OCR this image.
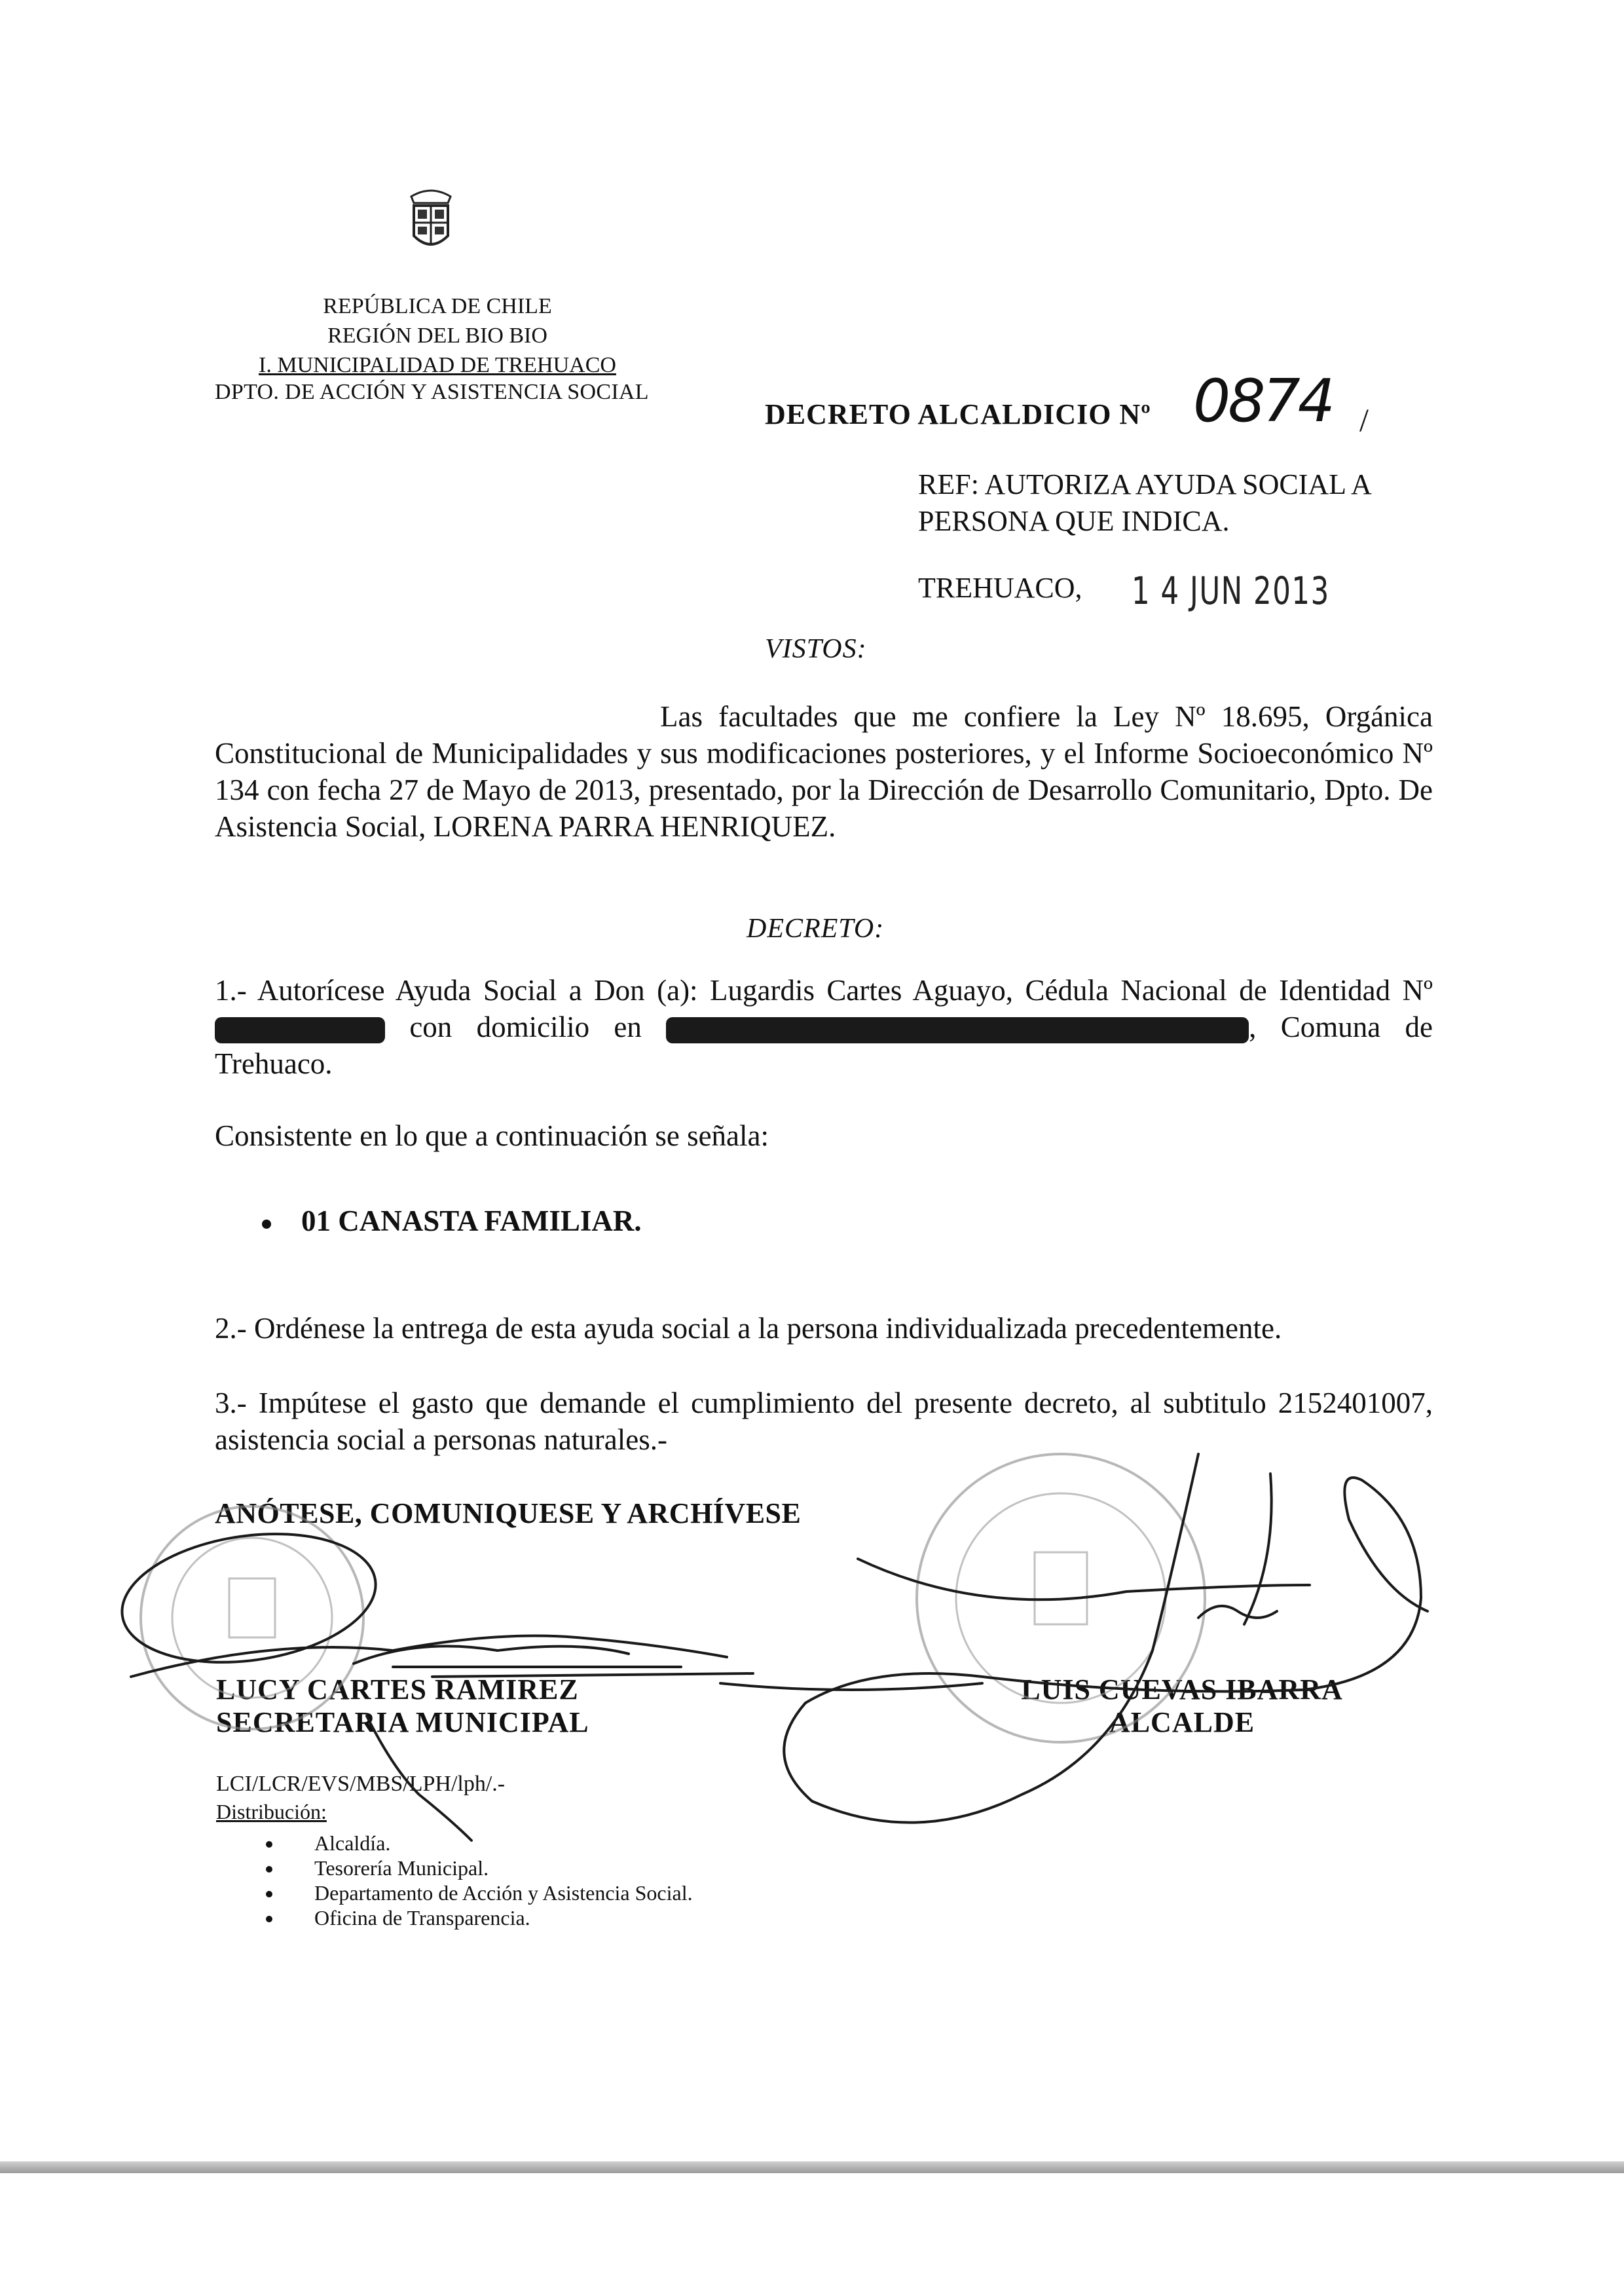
REPÚBLICA DE CHILE
REGIÓN DEL BIO BIO
I. MUNICIPALIDAD DE TREHUACO
DPTO. DE ACCIÓN Y ASISTENCIA SOCIAL
DECRETO ALCALDICIO Nº 0874 /
REF: AUTORIZA AYUDA SOCIAL A
PERSONA QUE INDICA.
TREHUACO, 1 4 JUN 2013
VISTOS:
Las facultades que me confiere la Ley Nº 18.695, Orgánica Constitucional de Municipalidades y sus modificaciones posteriores, y el Informe Socioeconómico Nº 134 con fecha 27 de Mayo de 2013, presentado, por la Dirección de Desarrollo Comunitario, Dpto. De Asistencia Social, LORENA PARRA HENRIQUEZ.
DECRETO:
1.- Autorícese Ayuda Social a Don (a): Lugardis Cartes Aguayo, Cédula Nacional de Identidad Nº  con domicilio en	, Comuna de Trehuaco.
Consistente en lo que a continuación se señala:
01 CANASTA FAMILIAR.
2.- Ordénese la entrega de esta ayuda social a la persona individualizada precedentemente.
3.- Impútese el gasto que demande el cumplimiento del presente decreto, al subtitulo 2152401007, asistencia social a personas naturales.-
ANÓTESE, COMUNIQUESE Y ARCHÍVESE
LUCY CARTES RAMIREZ
SECRETARIA MUNICIPAL
LUIS CUEVAS IBARRA
ALCALDE
LCI/LCR/EVS/MBS/LPH/lph/.-
Distribución:
Alcaldía.
Tesorería Municipal.
Departamento de Acción y Asistencia Social.
Oficina de Transparencia.
